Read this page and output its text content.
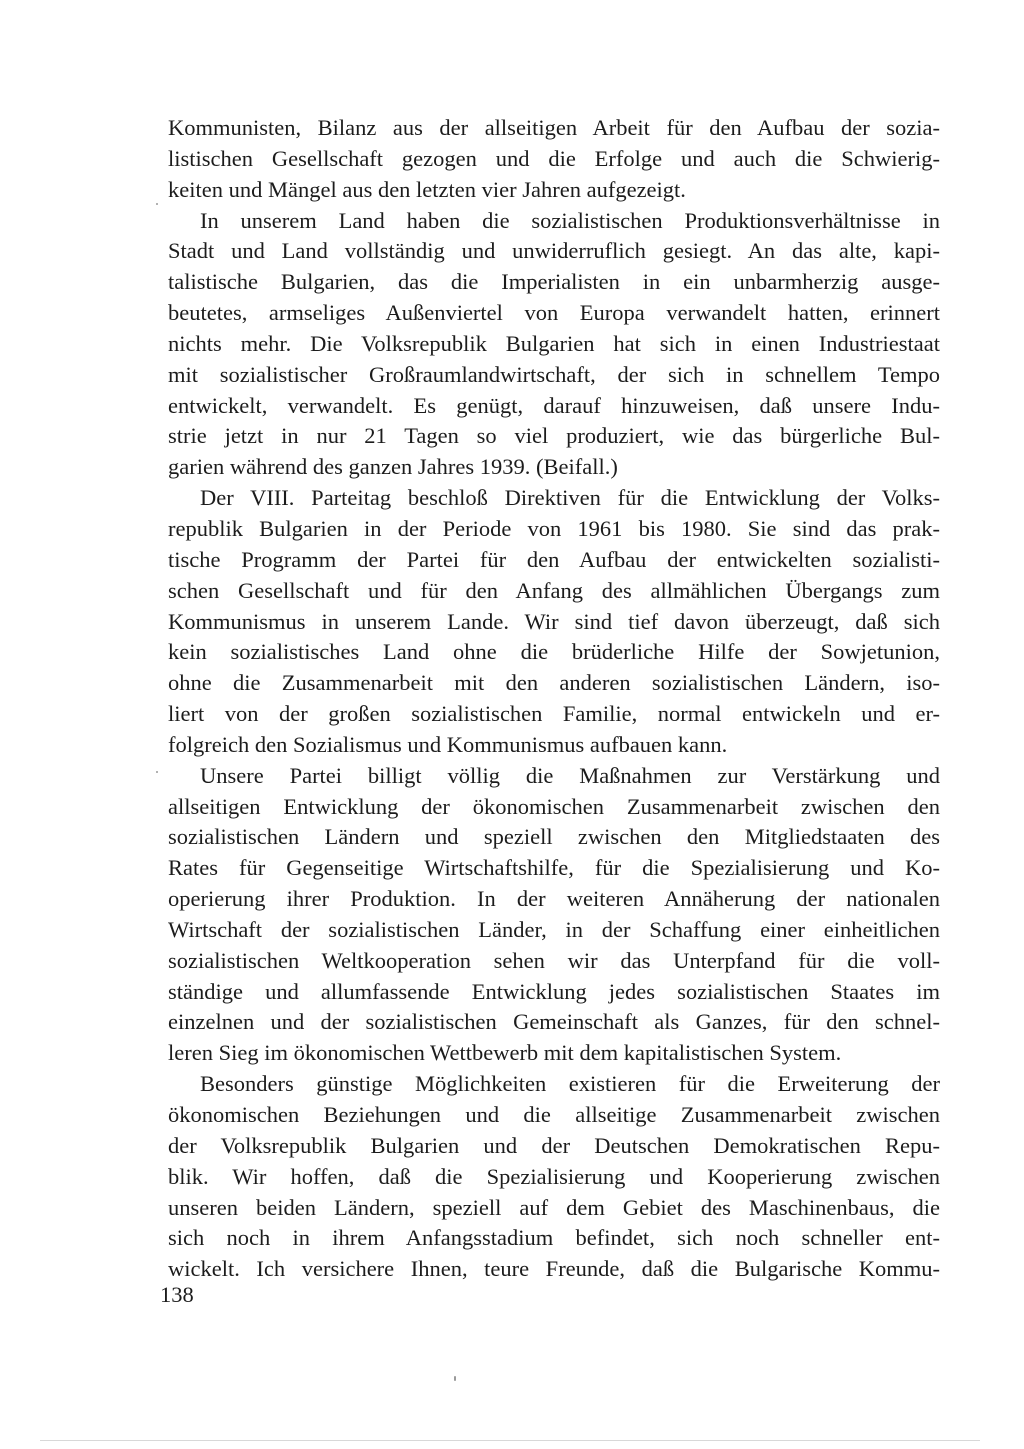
Kommunisten, Bilanz aus der allseitigen Arbeit für den Aufbau der sozia-
listischen Gesellschaft gezogen und die Erfolge und auch die Schwierig-
keiten und Mängel aus den letzten vier Jahren aufgezeigt.
In unserem Land haben die sozialistischen Produktionsverhältnisse in
Stadt und Land vollständig und unwiderruflich gesiegt. An das alte, kapi-
talistische Bulgarien, das die Imperialisten in ein unbarmherzig ausge-
beutetes, armseliges Außenviertel von Europa verwandelt hatten, erinnert
nichts mehr. Die Volksrepublik Bulgarien hat sich in einen Industriestaat
mit sozialistischer Großraumlandwirtschaft, der sich in schnellem Tempo
entwickelt, verwandelt. Es genügt, darauf hinzuweisen, daß unsere Indu-
strie jetzt in nur 21 Tagen so viel produziert, wie das bürgerliche Bul-
garien während des ganzen Jahres 1939. (Beifall.)
Der VIII. Parteitag beschloß Direktiven für die Entwicklung der Volks-
republik Bulgarien in der Periode von 1961 bis 1980. Sie sind das prak-
tische Programm der Partei für den Aufbau der entwickelten sozialisti-
schen Gesellschaft und für den Anfang des allmählichen Übergangs zum
Kommunismus in unserem Lande. Wir sind tief davon überzeugt, daß sich
kein sozialistisches Land ohne die brüderliche Hilfe der Sowjetunion,
ohne die Zusammenarbeit mit den anderen sozialistischen Ländern, iso-
liert von der großen sozialistischen Familie, normal entwickeln und er-
folgreich den Sozialismus und Kommunismus aufbauen kann.
Unsere Partei billigt völlig die Maßnahmen zur Verstärkung und
allseitigen Entwicklung der ökonomischen Zusammenarbeit zwischen den
sozialistischen Ländern und speziell zwischen den Mitgliedstaaten des
Rates für Gegenseitige Wirtschaftshilfe, für die Spezialisierung und Ko-
operierung ihrer Produktion. In der weiteren Annäherung der nationalen
Wirtschaft der sozialistischen Länder, in der Schaffung einer einheitlichen
sozialistischen Weltkooperation sehen wir das Unterpfand für die voll-
ständige und allumfassende Entwicklung jedes sozialistischen Staates im
einzelnen und der sozialistischen Gemeinschaft als Ganzes, für den schnel-
leren Sieg im ökonomischen Wettbewerb mit dem kapitalistischen System.
Besonders günstige Möglichkeiten existieren für die Erweiterung der
ökonomischen Beziehungen und die allseitige Zusammenarbeit zwischen
der Volksrepublik Bulgarien und der Deutschen Demokratischen Repu-
blik. Wir hoffen, daß die Spezialisierung und Kooperierung zwischen
unseren beiden Ländern, speziell auf dem Gebiet des Maschinenbaus, die
sich noch in ihrem Anfangsstadium befindet, sich noch schneller ent-
wickelt. Ich versichere Ihnen, teure Freunde, daß die Bulgarische Kommu-
138
